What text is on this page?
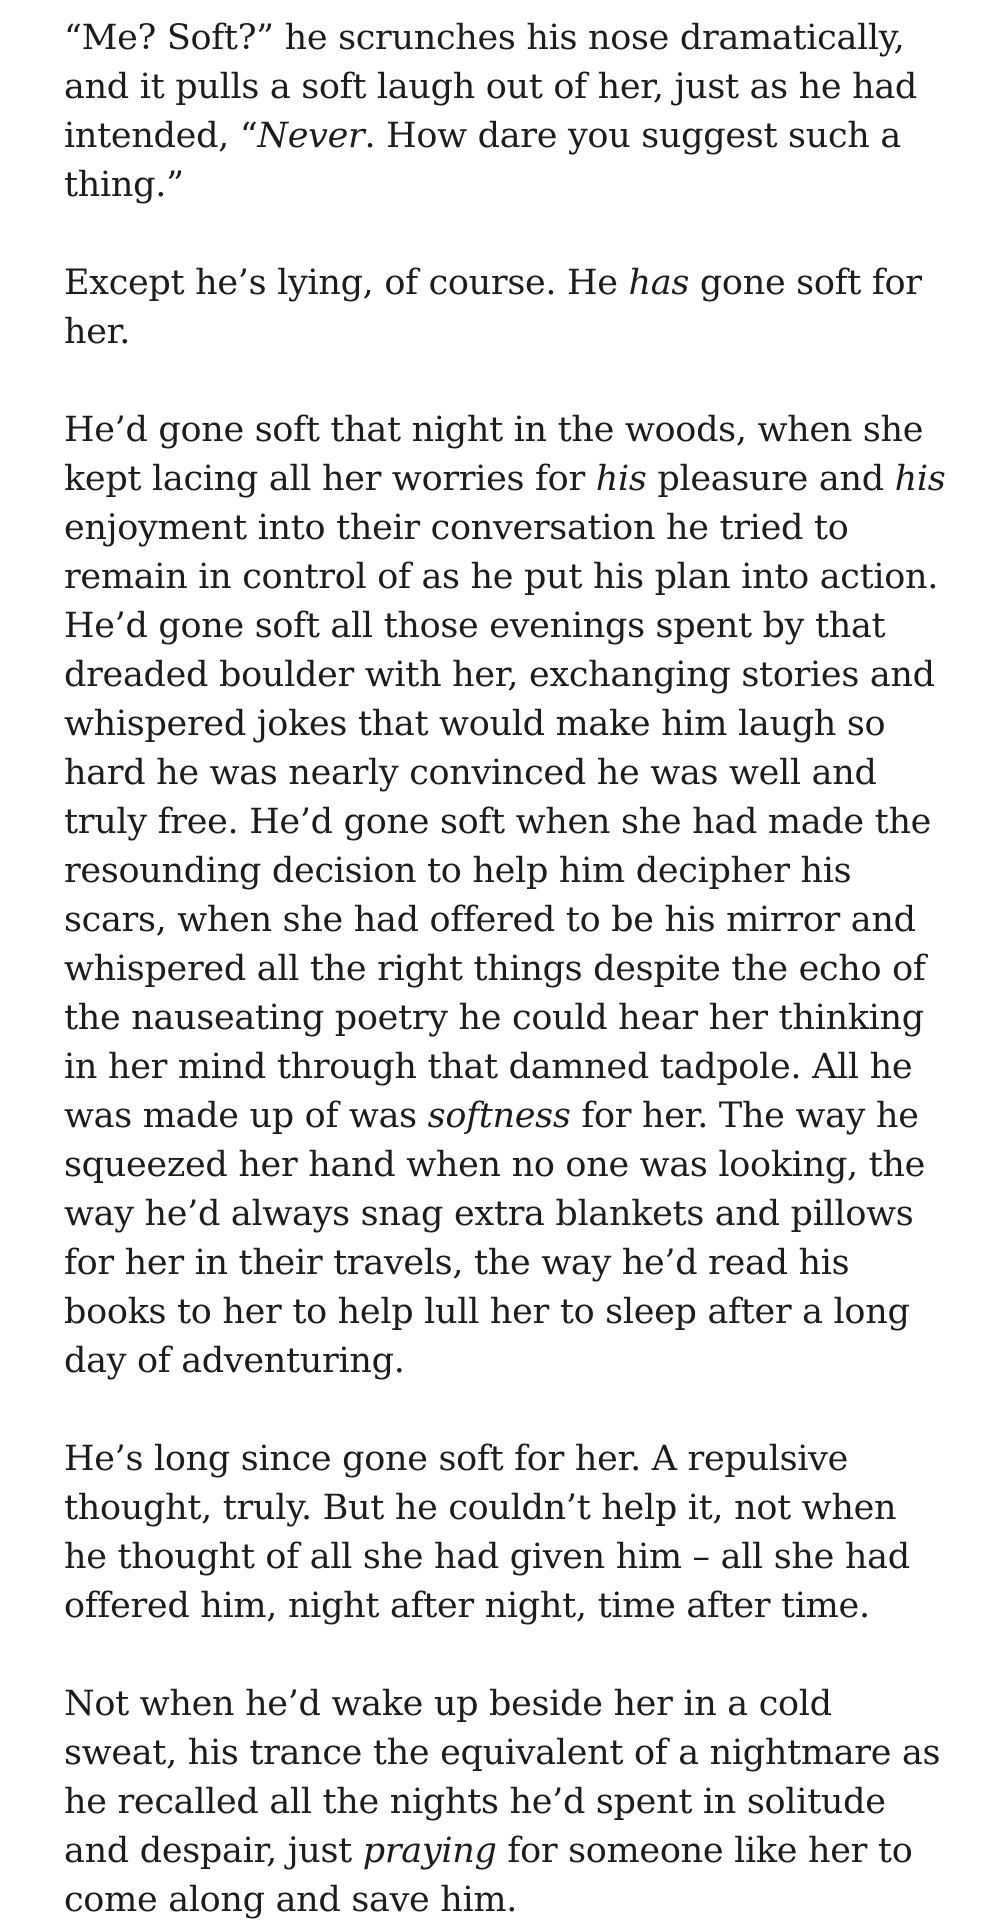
“Me? Soft?” he scrunches his nose dramatically, and it pulls a soft laugh out of her, just as he had intended, “Never. How dare you suggest such a thing.”

Except he’s lying, of course. He has gone soft for her.

He’d gone soft that night in the woods, when she kept lacing all her worries for his pleasure and his enjoyment into their conversation he tried to remain in control of as he put his plan into action. He’d gone soft all those evenings spent by that dreaded boulder with her, exchanging stories and whispered jokes that would make him laugh so hard he was nearly convinced he was well and truly free. He’d gone soft when she had made the resounding decision to help him decipher his scars, when she had offered to be his mirror and whispered all the right things despite the echo of the nauseating poetry he could hear her thinking in her mind through that damned tadpole. All he was made up of was softness for her. The way he squeezed her hand when no one was looking, the way he’d always snag extra blankets and pillows for her in their travels, the way he’d read his books to her to help lull her to sleep after a long day of adventuring.

He’s long since gone soft for her. A repulsive thought, truly. But he couldn’t help it, not when he thought of all she had given him – all she had offered him, night after night, time after time.

Not when he’d wake up beside her in a cold sweat, his trance the equivalent of a nightmare as he recalled all the nights he’d spent in solitude and despair, just praying for someone like her to come along and save him.
